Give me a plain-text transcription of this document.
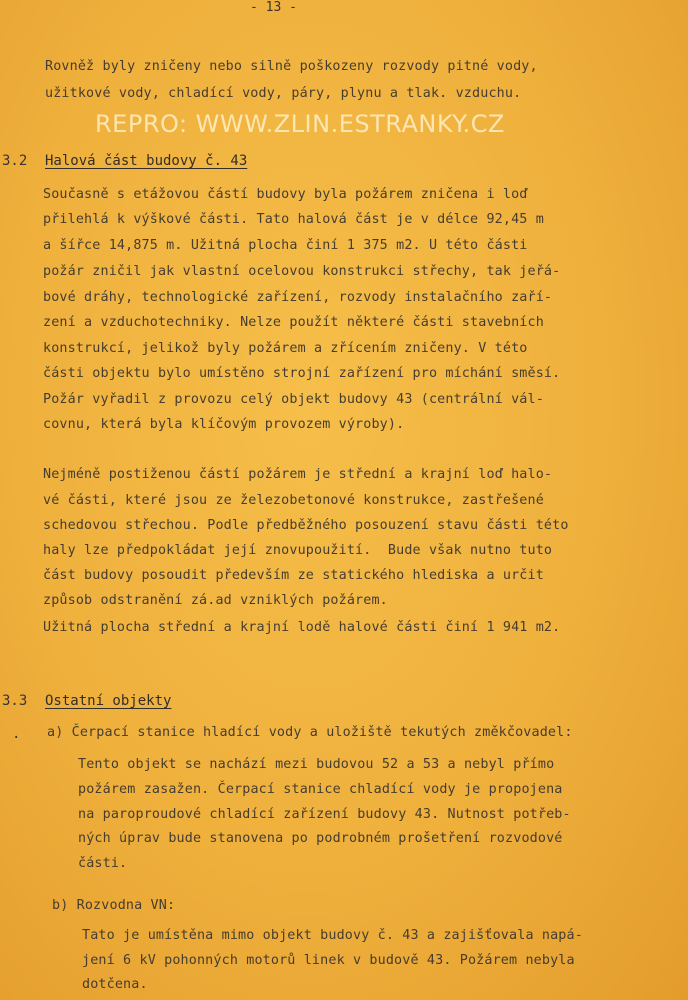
- 13 -
Rovněž byly zničeny nebo silně poškozeny rozvody pitné vody,
užitkové vody, chladící vody, páry, plynu a tlak. vzduchu.
REPRO: WWW.ZLIN.ESTRANKY.CZ
3.2 Halová část budovy č. 43
Současně s etážovou částí budovy byla požárem zničena i loď
přilehlá k výškové části. Tato halová část je v délce 92,45 m
a šířce 14,875 m. Užitná plocha činí 1 375 m2. U této části
požár zničil jak vlastní ocelovou konstrukci střechy, tak jeřá-
bové dráhy, technologické zařízení, rozvody instalačního zaří-
zení a vzduchotechniky. Nelze použít některé části stavebních
konstrukcí, jelikož byly požárem a zřícením zničeny. V této
části objektu bylo umístěno strojní zařízení pro míchání směsí.
Požár vyřadil z provozu celý objekt budovy 43 (centrální vál-
covnu, která byla klíčovým provozem výroby).
Nejméně postiženou částí požárem je střední a krajní loď halo-
vé části, které jsou ze železobetonové konstrukce, zastřešené
schedovou střechou. Podle předběžného posouzení stavu části této
haly lze předpokládat její znovupoužití.  Bude však nutno tuto
část budovy posoudit především ze statického hlediska a určit
způsob odstranění zá.ad vzniklých požárem.
Užitná plocha střední a krajní lodě halové části činí 1 941 m2.
3.3 Ostatní objekty
. a) Čerpací stanice hladící vody a uložiště tekutých změkčovadel:
Tento objekt se nachází mezi budovou 52 a 53 a nebyl přímo
požárem zasažen. Čerpací stanice chladící vody je propojena
na paroproudové chladící zařízení budovy 43. Nutnost potřeb-
ných úprav bude stanovena po podrobném prošetření rozvodové
části.
b) Rozvodna VN:
Tato je umístěna mimo objekt budovy č. 43 a zajišťovala napá-
jení 6 kV pohonných motorů linek v budově 43. Požárem nebyla
dotčena.
